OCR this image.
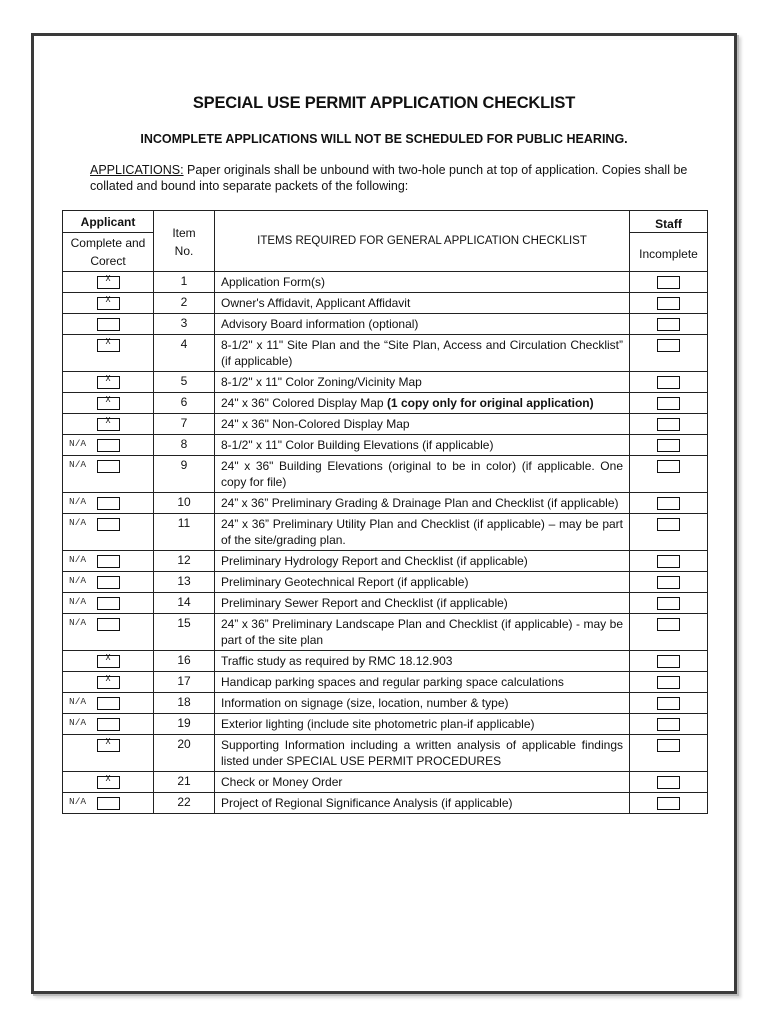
SPECIAL USE PERMIT APPLICATION CHECKLIST
INCOMPLETE APPLICATIONS WILL NOT BE SCHEDULED FOR PUBLIC HEARING.
APPLICATIONS: Paper originals shall be unbound with two-hole punch at top of application. Copies shall be collated and bound into separate packets of the following:
Applicant	Item No.	ITEMS REQUIRED FOR GENERAL APPLICATION CHECKLIST	Staff
Complete and Corect			Incomplete

X	1	Application Form(s)	

X	2	Owner's Affidavit, Applicant Affidavit	

	3	Advisory Board information (optional)	

X	4	8-1/2" x 11" Site Plan and the “Site Plan, Access and Circulation Checklist” (if applicable)	

X	5	8-1/2" x 11" Color Zoning/Vicinity Map	

X	6	24" x 36" Colored Display Map (1 copy only for original application)	

X	7	24" x 36" Non-Colored Display Map	

N/A	8	8-1/2" x 11" Color Building Elevations (if applicable)	

N/A	9	24" x 36" Building Elevations (original to be in color) (if applicable. One copy for file)	

N/A	10	24” x 36” Preliminary Grading & Drainage Plan and Checklist (if applicable)	

N/A	11	24” x 36” Preliminary Utility Plan and Checklist (if applicable) – may be part of the site/grading plan.	

N/A	12	Preliminary Hydrology Report and Checklist (if applicable)	

N/A	13	Preliminary Geotechnical Report (if applicable)	

N/A	14	Preliminary Sewer Report and Checklist (if applicable)	

N/A	15	24” x 36” Preliminary Landscape Plan and Checklist (if applicable) - may be part of the site plan	

X	16	Traffic study as required by RMC 18.12.903	

X	17	Handicap parking spaces and regular parking space calculations	

N/A	18	Information on signage (size, location, number & type)	

N/A	19	Exterior lighting (include site photometric plan-if applicable)	

X	20	Supporting Information including a written analysis of applicable findings listed under SPECIAL USE PERMIT PROCEDURES	

X	21	Check or Money Order	

N/A	22	Project of Regional Significance Analysis (if applicable)	
